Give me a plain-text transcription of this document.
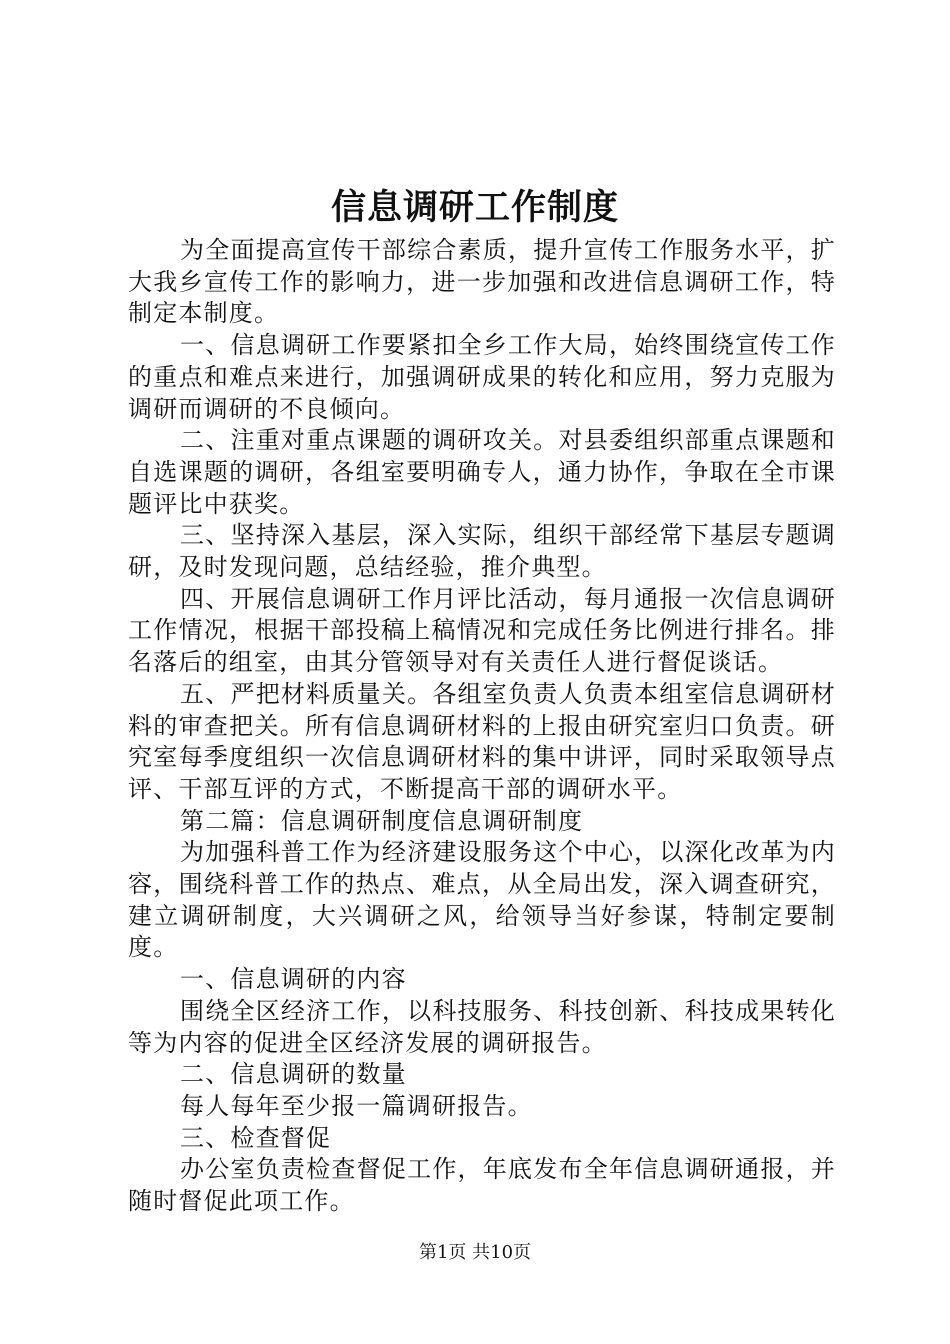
信息调研工作制度

为全面提高宣传干部综合素质，提升宣传工作服务水平，扩大我乡宣传工作的影响力，进一步加强和改进信息调研工作，特制定本制度。

一、信息调研工作要紧扣全乡工作大局，始终围绕宣传工作的重点和难点来进行，加强调研成果的转化和应用，努力克服为调研而调研的不良倾向。

二、注重对重点课题的调研攻关。对县委组织部重点课题和自选课题的调研，各组室要明确专人，通力协作，争取在全市课题评比中获奖。

三、坚持深入基层，深入实际，组织干部经常下基层专题调研，及时发现问题，总结经验，推介典型。

四、开展信息调研工作月评比活动，每月通报一次信息调研工作情况，根据干部投稿上稿情况和完成任务比例进行排名。排名落后的组室，由其分管领导对有关责任人进行督促谈话。

五、严把材料质量关。各组室负责人负责本组室信息调研材料的审查把关。所有信息调研材料的上报由研究室归口负责。研究室每季度组织一次信息调研材料的集中讲评，同时采取领导点评、干部互评的方式，不断提高干部的调研水平。

第二篇：信息调研制度信息调研制度

为加强科普工作为经济建设服务这个中心，以深化改革为内容，围绕科普工作的热点、难点，从全局出发，深入调查研究，建立调研制度，大兴调研之风，给领导当好参谋，特制定要制度。

一、信息调研的内容

围绕全区经济工作，以科技服务、科技创新、科技成果转化等为内容的促进全区经济发展的调研报告。

二、信息调研的数量

每人每年至少报一篇调研报告。

三、检查督促

办公室负责检查督促工作，年底发布全年信息调研通报，并随时督促此项工作。

第1页 共10页
